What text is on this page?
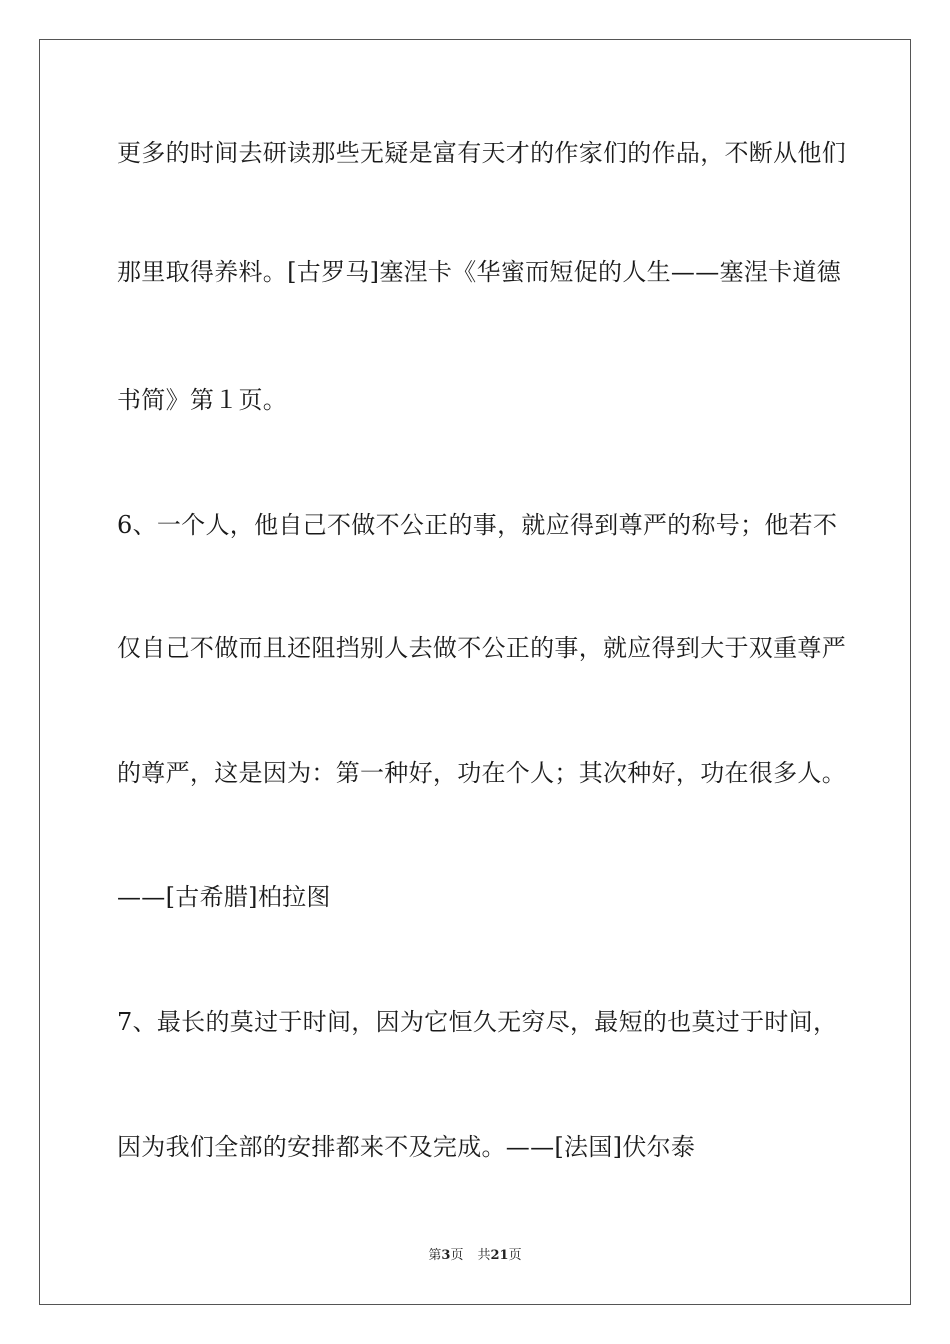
更多的时间去研读那些无疑是富有天才的作家们的作品，不断从他们
那里取得养料。[古罗马]塞涅卡《华蜜而短促的人生——塞涅卡道德
书简》第１页。
6、一个人，他自己不做不公正的事，就应得到尊严的称号；他若不
仅自己不做而且还阻挡别人去做不公正的事，就应得到大于双重尊严
的尊严，这是因为：第一种好，功在个人；其次种好，功在很多人。
——[古希腊]柏拉图
7、最长的莫过于时间，因为它恒久无穷尽，最短的也莫过于时间，
因为我们全部的安排都来不及完成。——[法国]伏尔泰
第3页 共21页
